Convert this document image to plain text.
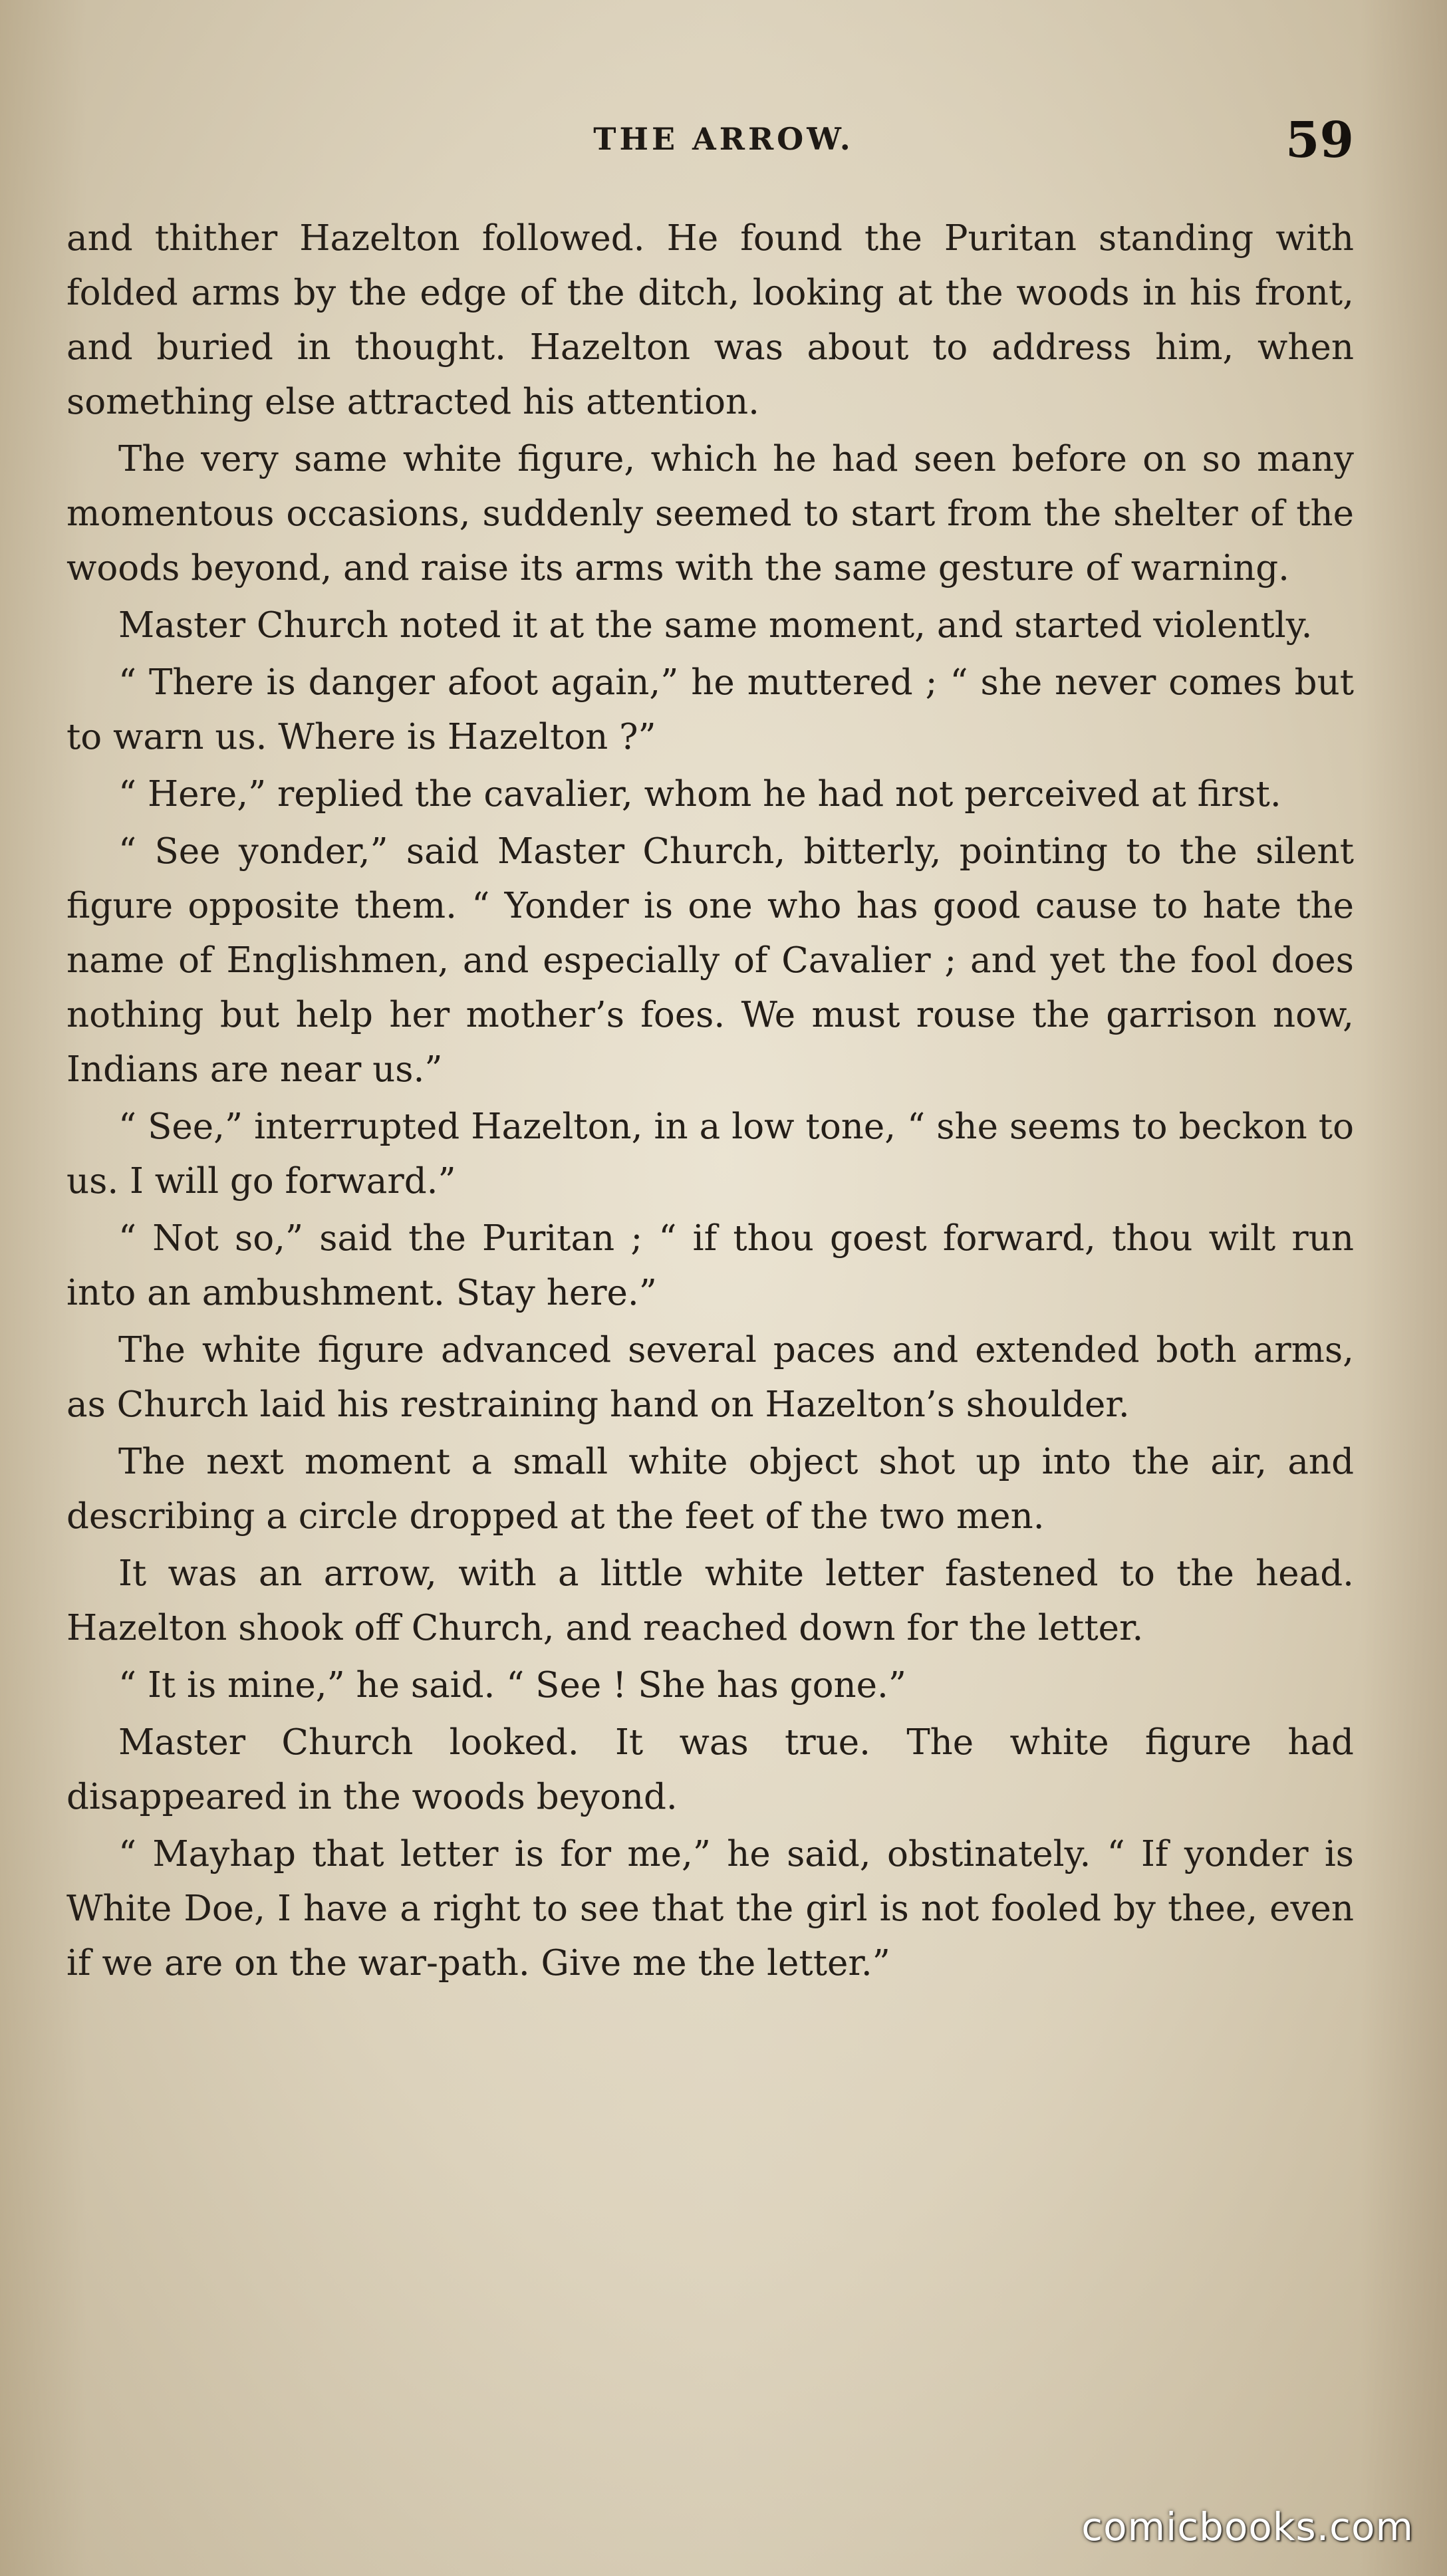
THE ARROW.	59

and thither Hazelton followed. He found the Puritan standing with folded arms by the edge of the ditch, looking at the woods in his front, and buried in thought. Hazelton was about to address him, when something else attracted his attention.

The very same white figure, which he had seen before on so many momentous occasions, suddenly seemed to start from the shelter of the woods beyond, and raise its arms with the same gesture of warning.

Master Church noted it at the same moment, and started violently.

“ There is danger afoot again,” he muttered ; “ she never comes but to warn us. Where is Hazelton ?”

“ Here,” replied the cavalier, whom he had not perceived at first.

“ See yonder,” said Master Church, bitterly, pointing to the silent figure opposite them. “ Yonder is one who has good cause to hate the name of Englishmen, and especially of Cavalier ; and yet the fool does nothing but help her mother’s foes. We must rouse the garrison now, Indians are near us.”

“ See,” interrupted Hazelton, in a low tone, “ she seems to beckon to us. I will go forward.”

“ Not so,” said the Puritan ; “ if thou goest forward, thou wilt run into an ambushment. Stay here.”

The white figure advanced several paces and extended both arms, as Church laid his restraining hand on Hazelton’s shoulder.

The next moment a small white object shot up into the air, and describing a circle dropped at the feet of the two men.

It was an arrow, with a little white letter fastened to the head. Hazelton shook off Church, and reached down for the letter.

“ It is mine,” he said. “ See ! She has gone.”

Master Church looked. It was true. The white figure had disappeared in the woods beyond.

“ Mayhap that letter is for me,” he said, obstinately. “ If yonder is White Doe, I have a right to see that the girl is not fooled by thee, even if we are on the war-path. Give me the letter.”

comicbooks.com
